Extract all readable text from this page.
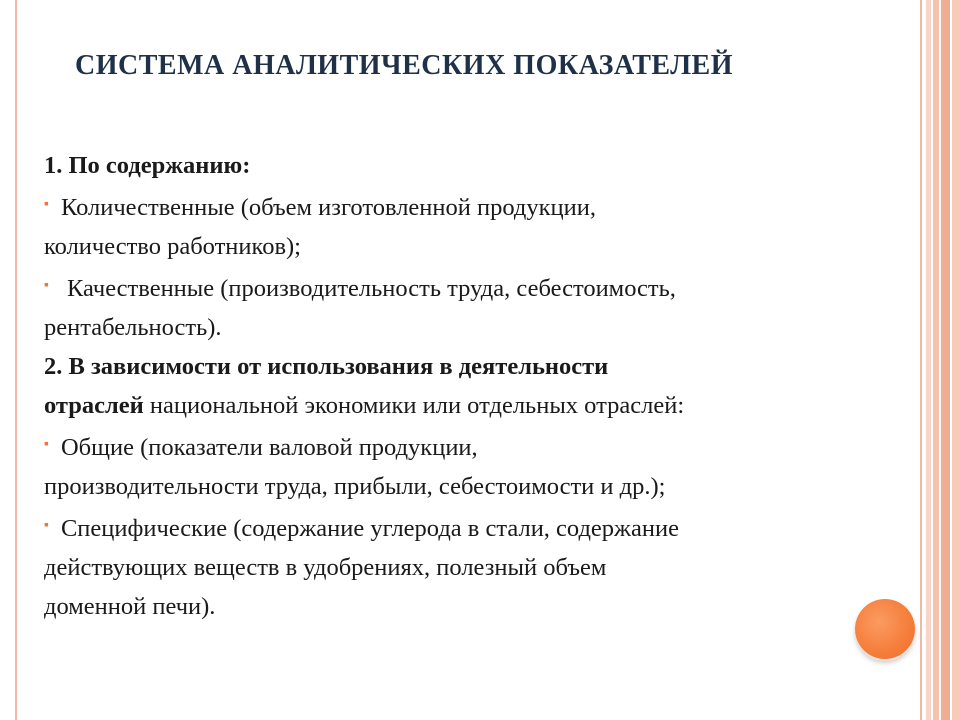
СИСТЕМА АНАЛИТИЧЕСКИХ ПОКАЗАТЕЛЕЙ
1. По содержанию:
▪ Количественные (объем изготовленной продукции,
количество работников);
▪ Качественные (производительность труда, себестоимость,
рентабельность).
2. В зависимости от использования в деятельности
отраслей национальной экономики или отдельных отраслей:
▪ Общие (показатели валовой продукции,
производительности труда, прибыли, себестоимости и др.);
▪ Специфические (содержание углерода в стали, содержание
действующих веществ в удобрениях, полезный объем
доменной печи).
